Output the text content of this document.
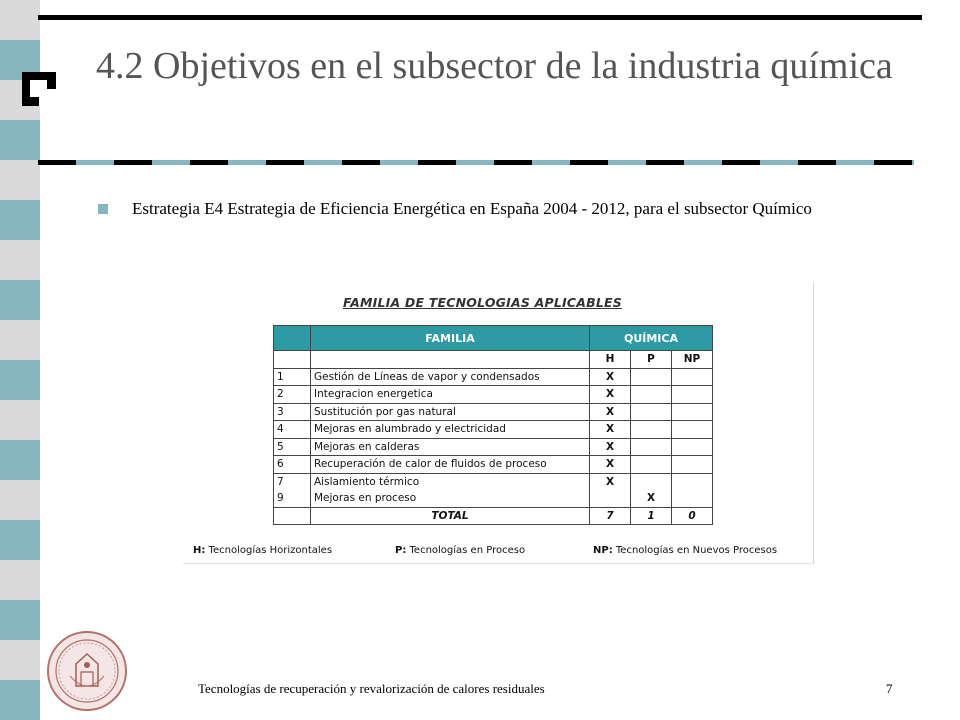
4.2 Objetivos en el subsector de la industria química
Estrategia E4 Estrategia de Eficiencia Energética en España 2004 - 2012, para el subsector Químico
FAMILIA DE TECNOLOGIAS APLICABLES
	FAMILIA	QUÍMICA		
		H	P	NP
1	Gestión de Líneas de vapor y condensados	X		
2	Integracion energetica	X		
3	Sustitución por gas natural	X		
4	Mejoras en alumbrado y electricidad	X		
5	Mejoras en calderas	X		
6	Recuperación de calor de fluidos de proceso	X		
7	Aislamiento térmico	X		
9	Mejoras en proceso		X	
	TOTAL	7	1	0
H: Tecnologías Horizontales	P: Tecnologías en Proceso	NP: Tecnologías en Nuevos Procesos
Tecnologías de recuperación y revalorización de calores residuales	7
